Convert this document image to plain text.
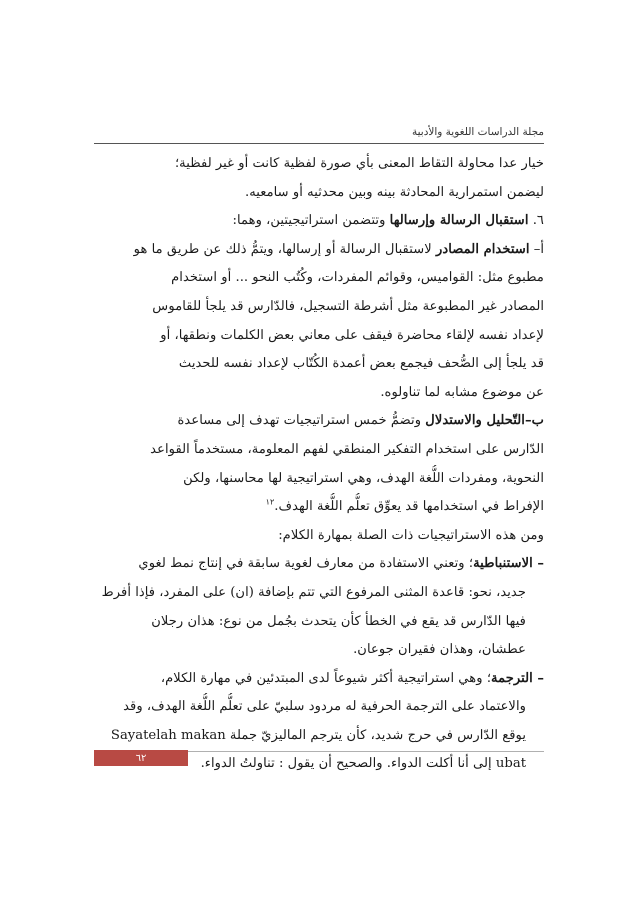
مجلة الدراسات اللغوية والأدبية
خيار عدا محاولة التقاط المعنى بأي صورة لفظية كانت أو غير لفظية؛
ليضمن استمرارية المحادثة بينه وبين محدثيه أو سامعيه.
٦. استقبال الرسالة وإرسالها وتتضمن استراتيجيتين، وهما:
أ– استخدام المصادر لاستقبال الرسالة أو إرسالها، ويتمُّ ذلك عن طريق ما هو
مطبوع مثل: القواميس، وقوائم المفردات، وكُتُب النحو ... أو استخدام
المصادر غير المطبوعة مثل أشرطة التسجيل، فالدّارس قد يلجأ للقاموس
لإعداد نفسه لإلقاء محاضرة فيقف على معاني بعض الكلمات ونطقها، أو
قد يلجأ إلى الصُّحف فيجمع بعض أعمدة الكُتّاب لإعداد نفسه للحديث
عن موضوع مشابه لما تناولوه.
ب–التّحليل والاستدلال وتضمُّ خمس استراتيجيات تهدف إلى مساعدة
الدّارس على استخدام التفكير المنطقي لفهم المعلومة، مستخدماً القواعد
النحوية، ومفردات اللُّغة الهدف، وهي استراتيجية لها محاسنها، ولكن
الإفراط في استخدامها قد يعوِّق تعلُّم اللُّغة الهدف.$^{١٢}$
ومن هذه الاستراتيجيات ذات الصلة بمهارة الكلام:
– الاستنباطية؛ وتعني الاستفادة من معارف لغوية سابقة في إنتاج نمط لغوي
جديد، نحو: قاعدة المثنى المرفوع التي تتم بإضافة (ان) على المفرد، فإذا أفرط
فيها الدّارس قد يقع في الخطأ كأن يتحدث بجُمل من نوع: هذان رجلان
عطشان، وهذان فقيران جوعان.
– الترجمة؛ وهي استراتيجية أكثر شيوعاً لدى المبتدئين في مهارة الكلام،
والاعتماد على الترجمة الحرفية له مردود سلبيّ على تعلُّم اللُّغة الهدف، وقد
يوقع الدّارس في حرج شديد، كأن يترجم الماليزيّ جملة Sayatelah makan
ubat إلى أنا أكلت الدواء. والصحيح أن يقول : تناولتُ الدواء.
٦٢
